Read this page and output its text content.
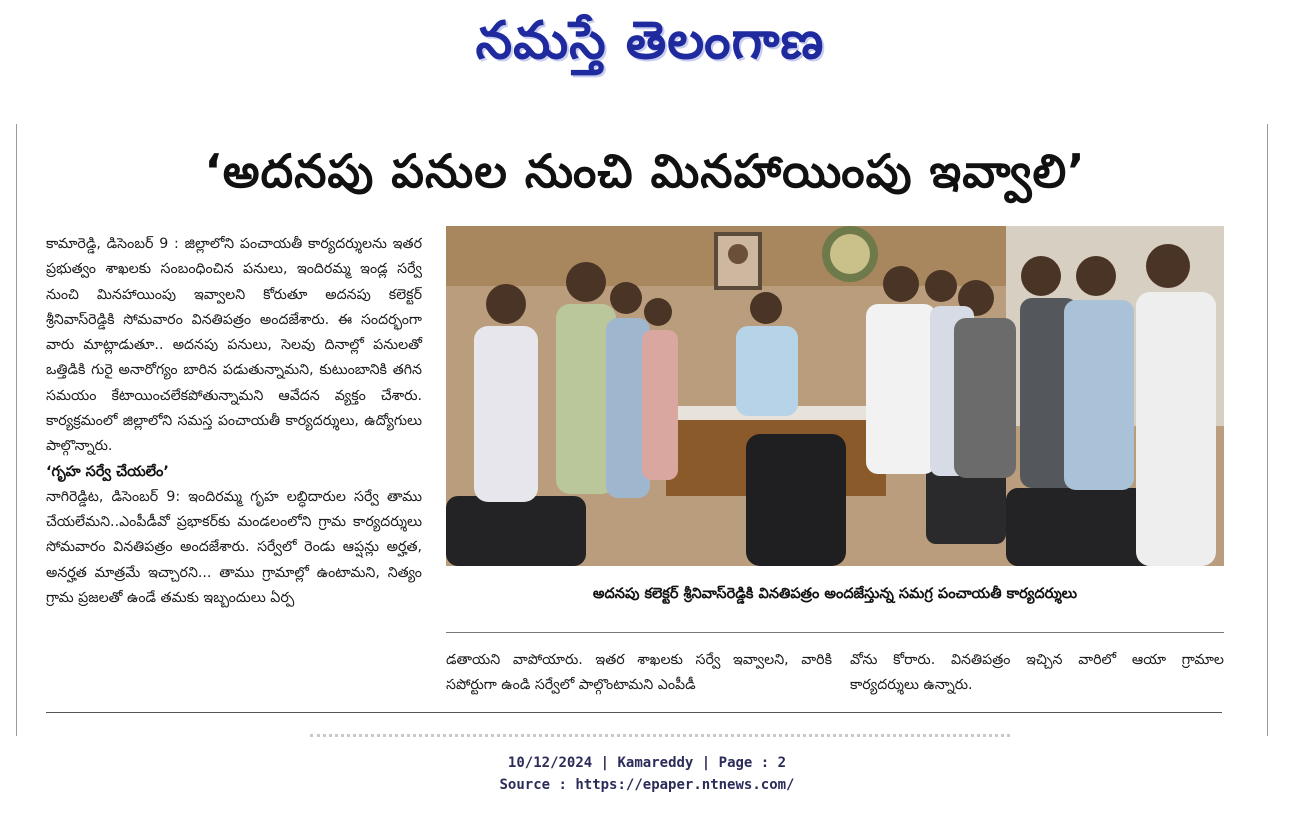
నమస్తే తెలంగాణ
‘అదనపు పనుల నుంచి మినహాయింపు ఇవ్వాలి’

కామారెడ్డి, డిసెంబర్ 9 : జిల్లాలోని పంచాయతీ కార్యదర్శులను ఇతర ప్రభుత్వం శాఖలకు సంబంధించిన పనులు, ఇందిరమ్మ ఇండ్ల సర్వే నుంచి మినహాయింపు ఇవ్వాలని కోరుతూ అదనపు కలెక్టర్ శ్రీనివాస్‌రెడ్డికి సోమవారం వినతిపత్రం అందజేశారు. ఈ సందర్భంగా వారు మాట్లాడుతూ.. అదనపు పనులు, సెలవు దినాల్లో పనులతో ఒత్తిడికి గురై అనారోగ్యం బారిన పడుతున్నామని, కుటుంబానికి తగిన సమయం కేటాయించలేకపోతున్నామని ఆవేదన వ్యక్తం చేశారు. కార్యక్రమంలో జిల్లాలోని సమస్త పంచాయతీ కార్యదర్శులు, ఉద్యోగులు పాల్గొన్నారు.

‘గృహ సర్వే చేయలేం’

నాగిరెడ్డిట, డిసెంబర్ 9: ఇందిరమ్మ గృహ లబ్ధిదారుల సర్వే తాము చేయలేమని..ఎంపీడీవో ప్రభాకర్‌కు మండలంలోని గ్రామ కార్యదర్శులు సోమవారం వినతిపత్రం అందజేశారు. సర్వేలో రెండు ఆప్షన్లు అర్హత, అనర్హత మాత్రమే ఇచ్చారని... తాము గ్రామాల్లో ఉంటామని, నిత్యం గ్రామ ప్రజలతో ఉండే తమకు ఇబ్బందులు ఏర్ప	అదనపు కలెక్టర్ శ్రీనివాస్‌రెడ్డికి వినతిపత్రం అందజేస్తున్న సమగ్ర పంచాయతీ కార్యదర్శులు

డతాయని వాపోయారు. ఇతర శాఖలకు సర్వే ఇవ్వాలని, వారికి సపోర్టుగా ఉండి సర్వేలో పాల్గొంటామని ఎంపీడీ

వోను కోరారు. వినతిపత్రం ఇచ్చిన వారిలో ఆయా గ్రామాల కార్యదర్శులు ఉన్నారు.

10/12/2024 | Kamareddy | Page : 2
Source : https://epaper.ntnews.com/
